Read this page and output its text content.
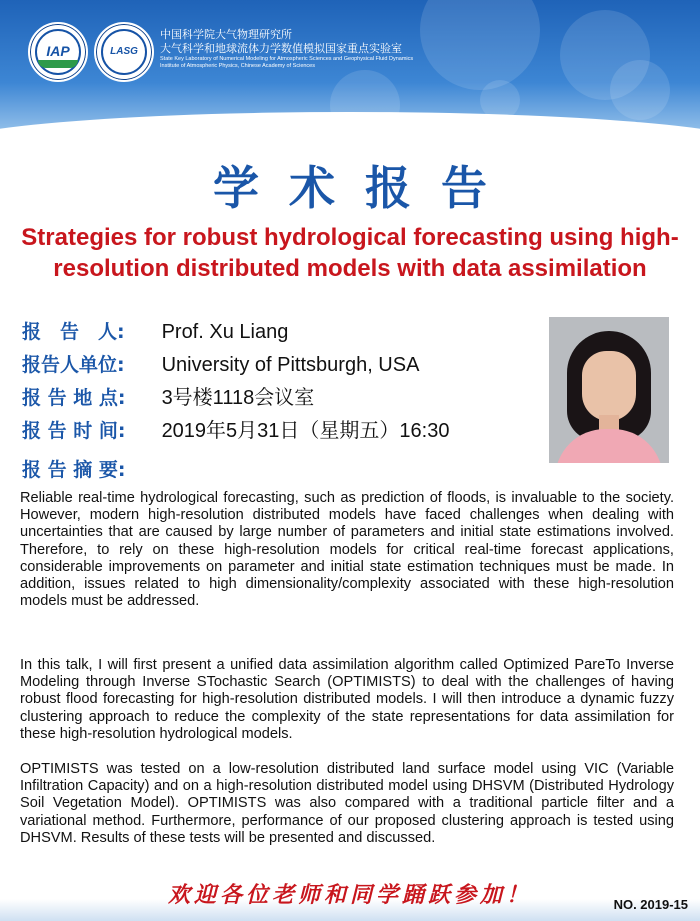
IAP	LASG
中国科学院大气物理研究所
大气科学和地球流体力学数值模拟国家重点实验室
State Key Laboratory of Numerical Modeling for Atmospheric Sciences and Geophysical Fluid Dynamics
Institute of Atmospheric Physics, Chinese Academy of Sciences
学术报告
Strategies for robust hydrological forecasting using high-resolution distributed models with data assimilation
报　告　人: Prof. Xu Liang
报告人单位: University of Pittsburgh, USA
报 告 地 点: 3号楼1118会议室
报 告 时 间: 2019年5月31日（星期五）16:30
报 告 摘 要:

Reliable real-time hydrological forecasting, such as prediction of floods, is invaluable to the society. However, modern high-resolution distributed models have faced challenges when dealing with uncertainties that are caused by large number of parameters and initial state estimations involved. Therefore, to rely on these high-resolution models for critical real-time forecast applications, considerable improvements on parameter and initial state estimation techniques must be made. In addition, issues related to high dimensionality/complexity associated with these high-resolution models must be addressed.

In this talk, I will first present a unified data assimilation algorithm called Optimized PareTo Inverse Modeling through Inverse STochastic Search (OPTIMISTS) to deal with the challenges of having robust flood forecasting for high-resolution distributed models. I will then introduce a dynamic fuzzy clustering approach to reduce the complexity of the state representations for data assimilation for these high-resolution hydrological models.

OPTIMISTS was tested on a low-resolution distributed land surface model using VIC (Variable Infiltration Capacity) and on a high-resolution distributed model using DHSVM (Distributed Hydrology Soil Vegetation Model). OPTIMISTS was also compared with a traditional particle filter and a variational method. Furthermore, performance of our proposed clustering approach is tested using DHSVM. Results of these tests will be presented and discussed.

欢迎各位老师和同学踊跃参加！	NO. 2019-15
